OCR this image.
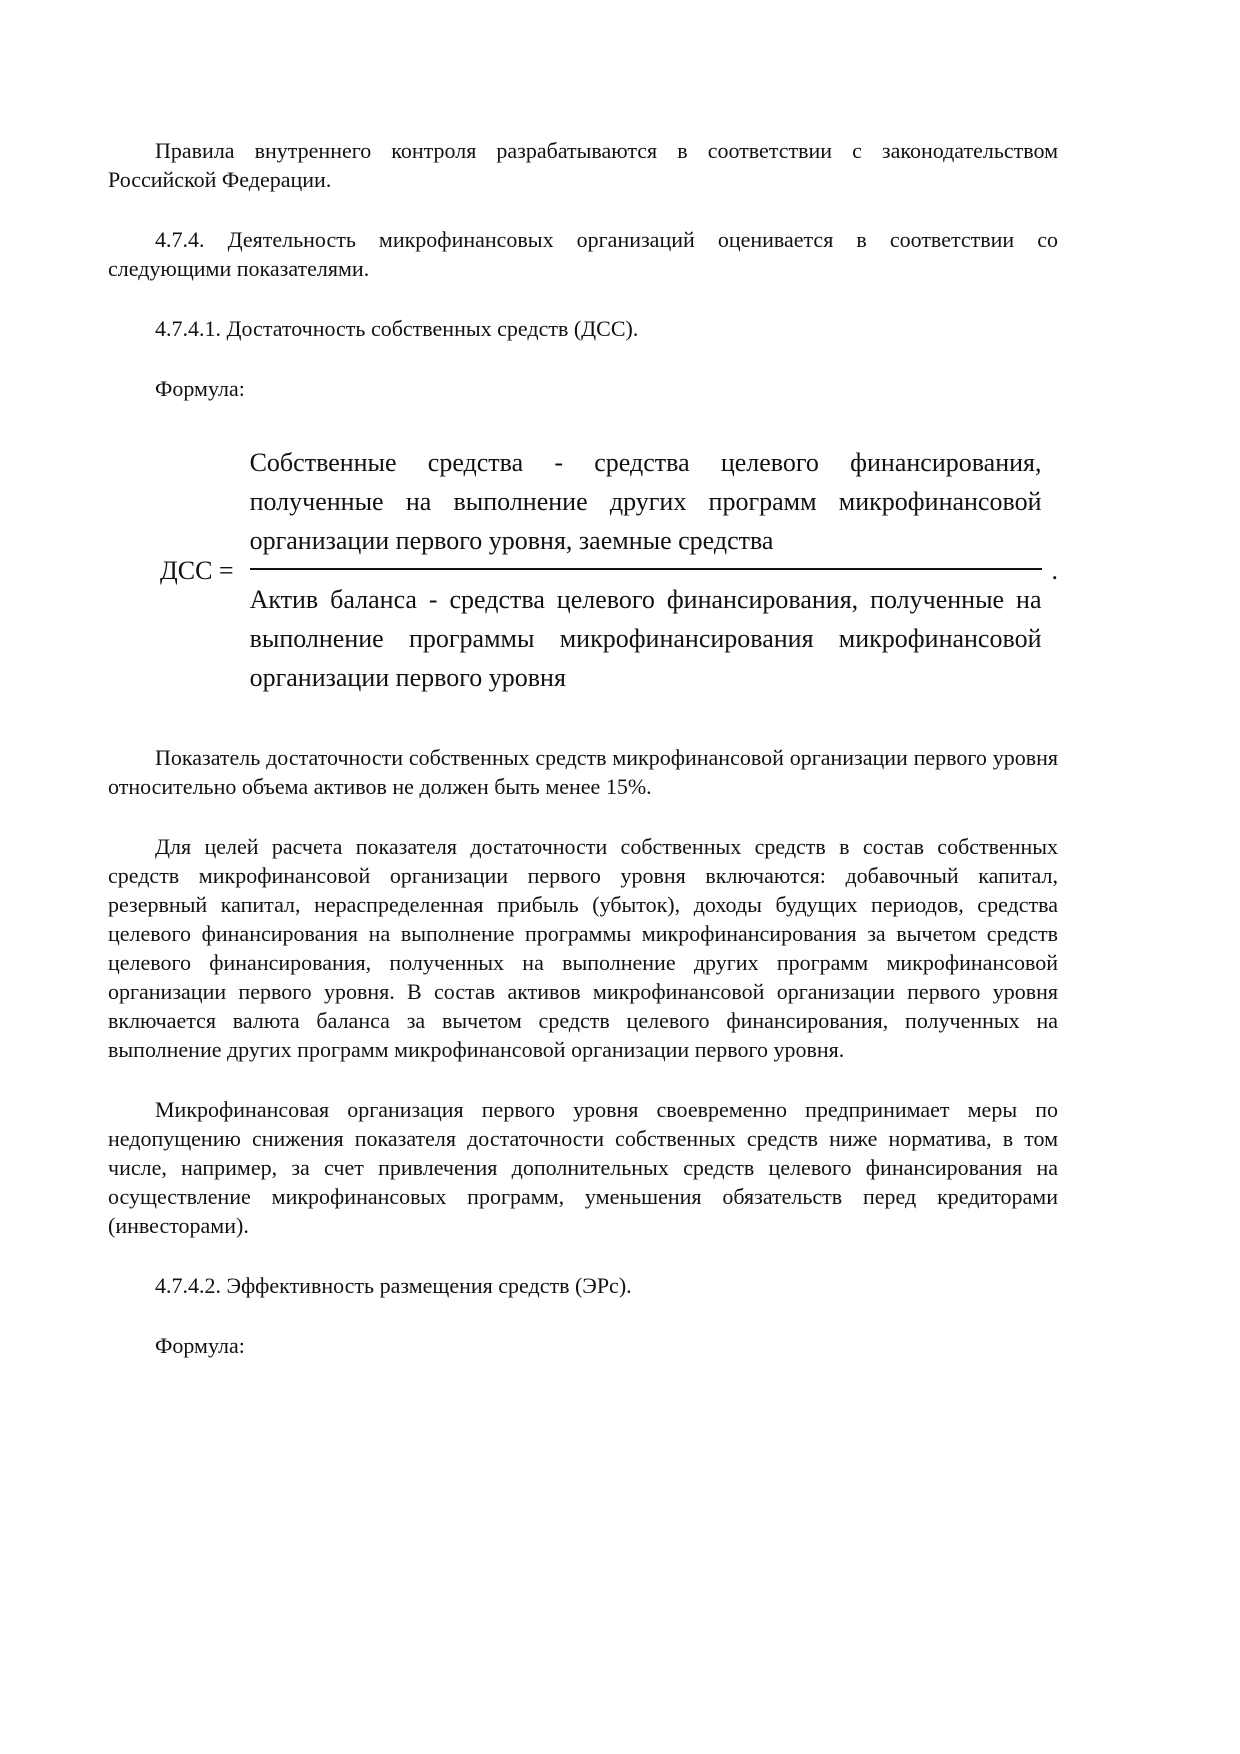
Правила внутреннего контроля разрабатываются в соответствии с законодательством Российской Федерации.

4.7.4. Деятельность микрофинансовых организаций оценивается в соответствии со следующими показателями.

4.7.4.1. Достаточность собственных средств (ДСС).

Формула:

ДСС =
Собственные средства - средства целевого финансирования,
полученные на выполнение других программ микрофинансовой
организации первого уровня, заемные средства
Актив баланса - средства целевого финансирования, полученные на
выполнение программы микрофинансирования микрофинансовой
организации первого уровня
.

Показатель достаточности собственных средств микрофинансовой организации первого уровня относительно объема активов не должен быть менее 15%.

Для целей расчета показателя достаточности собственных средств в состав собственных средств микрофинансовой организации первого уровня включаются: добавочный капитал, резервный капитал, нераспределенная прибыль (убыток), доходы будущих периодов, средства целевого финансирования на выполнение программы микрофинансирования за вычетом средств целевого финансирования, полученных на выполнение других программ микрофинансовой организации первого уровня. В состав активов микрофинансовой организации первого уровня включается валюта баланса за вычетом средств целевого финансирования, полученных на выполнение других программ микрофинансовой организации первого уровня.

Микрофинансовая организация первого уровня своевременно предпринимает меры по недопущению снижения показателя достаточности собственных средств ниже норматива, в том числе, например, за счет привлечения дополнительных средств целевого финансирования на осуществление микрофинансовых программ, уменьшения обязательств перед кредиторами (инвесторами).

4.7.4.2. Эффективность размещения средств (ЭРс).

Формула:
